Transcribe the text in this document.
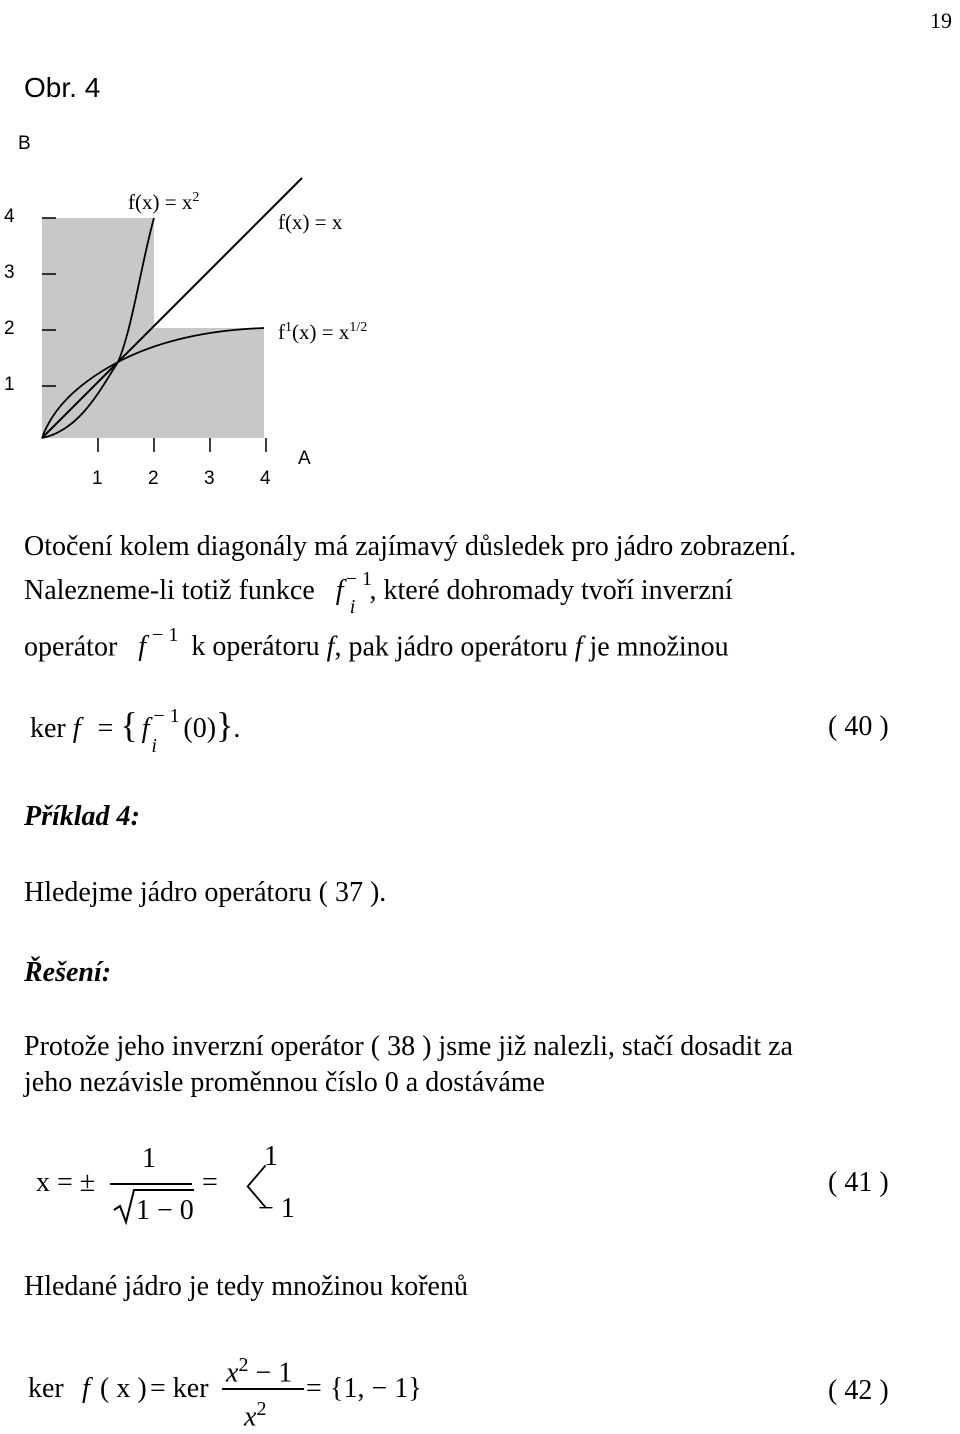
19
Obr. 4
B
A
4
3
2
1
1 2 3 4
$f(x) = x^2$
f(x) = x
$f^1(x) = x^{1/2}$
Otočení kolem diagonály má zajímavý důsledek pro jádro zobrazení.
Nalezneme-li totiž funkce f − 1
i
, které dohromady tvoří inverzní
operátor f $^{- 1}$ k operátoru f, pak jádro operátoru f je množinou
ker f = { f − 1
i
(0)}.	( 40 )
Příklad 4:
Hledejme jádro operátoru ( 37 ).
Řešení:
Protože jeho inverzní operátor ( 38 ) jsme již nalezli, stačí dosadit za
jeho nezávisle proměnnou číslo 0 a dostáváme
x = ±
1
1 − 0
= 〈
1
− 1
( 41 )
Hledané jádro je tedy množinou kořenů
ker f ( x ) = ker
$x^2 - 1$
$x^2$
= {1, − 1}	( 42 )
